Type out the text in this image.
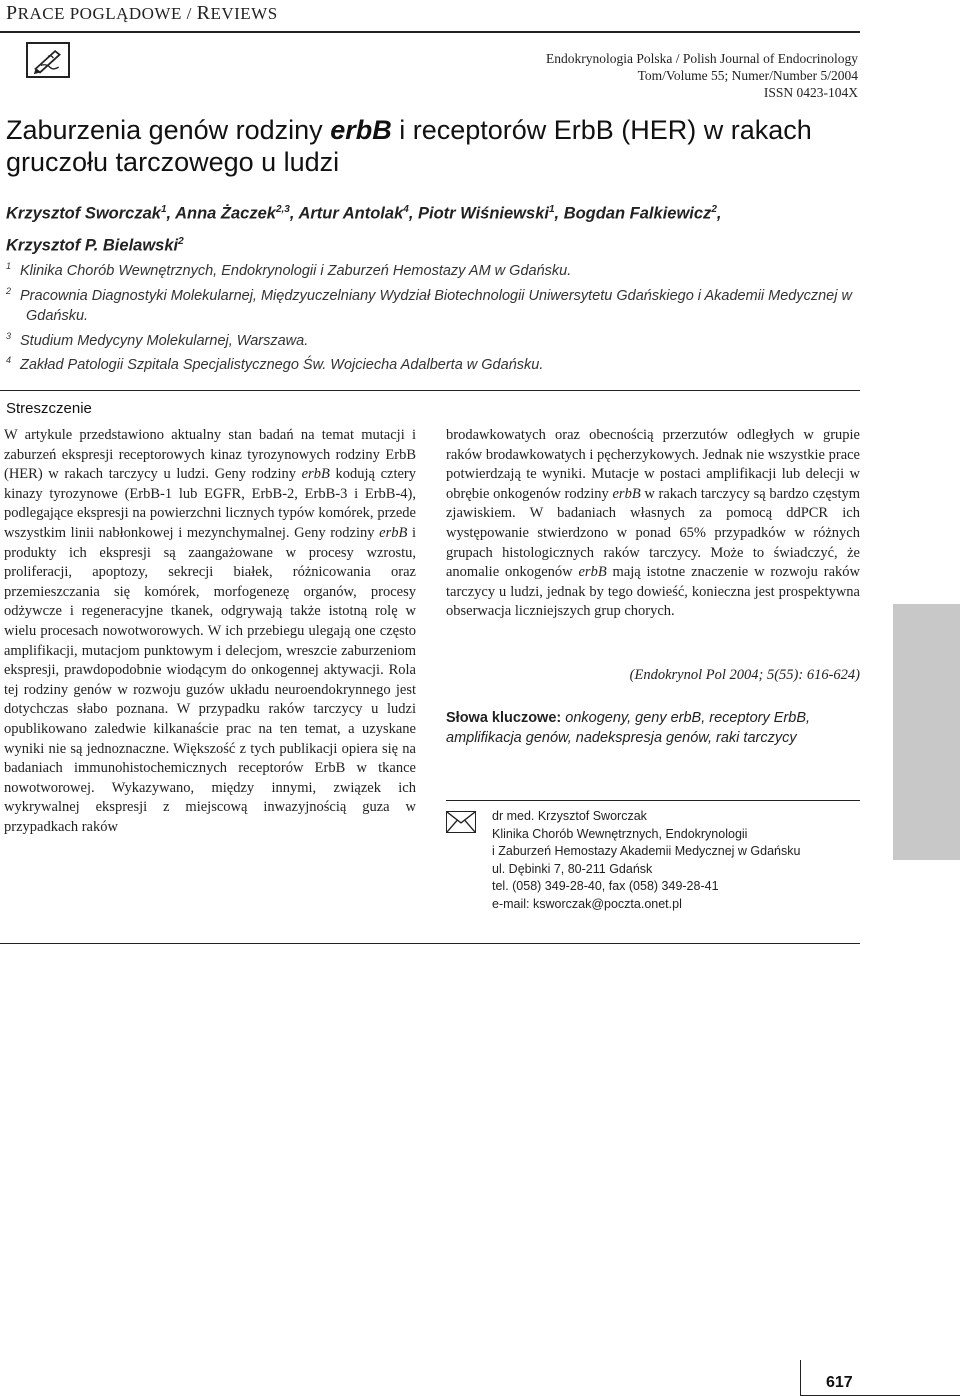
PRACE POGLĄDOWE / REVIEWS
Endokrynologia Polska / Polish Journal of Endocrinology
Tom/Volume 55; Numer/Number 5/2004
ISSN 0423-104X
Zaburzenia genów rodziny erbB i receptorów ErbB (HER) w rakach gruczołu tarczowego u ludzi
Krzysztof Sworczak$^1$, Anna Żaczek$^{2,3}$, Artur Antolak$^4$, Piotr Wiśniewski$^1$, Bogdan Falkiewicz$^2$,
Krzysztof P. Bielawski$^2$

$^1$ Klinika Chorób Wewnętrznych, Endokrynologii i Zaburzeń Hemostazy AM w Gdańsku.

$^2$ Pracownia Diagnostyki Molekularnej, Międzyuczelniany Wydział Biotechnologii Uniwersytetu Gdańskiego i Akademii Medycznej w Gdańsku.

$^3$ Studium Medycyny Molekularnej, Warszawa.

$^4$ Zakład Patologii Szpitala Specjalistycznego Św. Wojciecha Adalberta w Gdańsku.

Streszczenie
W artykule przedstawiono aktualny stan badań na temat mutacji i zaburzeń ekspresji receptorowych kinaz tyrozynowych rodziny ErbB (HER) w rakach tarczycy u ludzi. Geny rodziny erbB kodują cztery kinazy tyrozynowe (ErbB-1 lub EGFR, ErbB-2, ErbB-3 i ErbB-4), podlegające ekspresji na powierzchni licznych typów komórek, przede wszystkim linii nabłonkowej i mezynchymalnej. Geny rodziny erbB i produkty ich ekspresji są zaangażowane w procesy wzrostu, proliferacji, apoptozy, sekrecji białek, różnicowania oraz przemieszczania się komórek, morfogenezę organów, procesy odżywcze i regeneracyjne tkanek, odgrywają także istotną rolę w wielu procesach nowotworowych. W ich przebiegu ulegają one często amplifikacji, mutacjom punktowym i delecjom, wreszcie zaburzeniom ekspresji, prawdopodobnie wiodącym do onkogennej aktywacji. Rola tej rodziny genów w rozwoju guzów układu neuroendokrynnego jest dotychczas słabo poznana. W przypadku raków tarczycy u ludzi opublikowano zaledwie kilkanaście prac na ten temat, a uzyskane wyniki nie są jednoznaczne. Większość z tych publikacji opiera się na badaniach immunohistochemicznych receptorów ErbB w tkance nowotworowej. Wykazywano, między innymi, związek ich wykrywalnej ekspresji z miejscową inwazyjnością guza w przypadkach raków
brodawkowatych oraz obecnością przerzutów odległych w grupie raków brodawkowatych i pęcherzykowych. Jednak nie wszystkie prace potwierdzają te wyniki. Mutacje w postaci amplifikacji lub delecji w obrębie onkogenów rodziny erbB w rakach tarczycy są bardzo częstym zjawiskiem. W badaniach własnych za pomocą ddPCR ich występowanie stwierdzono w ponad 65% przypadków w różnych grupach histologicznych raków tarczycy. Może to świadczyć, że anomalie onkogenów erbB mają istotne znaczenie w rozwoju raków tarczycy u ludzi, jednak by tego dowieść, konieczna jest prospektywna obserwacja liczniejszych grup chorych.
(Endokrynol Pol 2004; 5(55): 616-624)
Słowa kluczowe: onkogeny, geny erbB, receptory ErbB, amplifikacja genów, nadekspresja genów, raki tarczycy
dr med. Krzysztof Sworczak
Klinika Chorób Wewnętrznych, Endokrynologii
i Zaburzeń Hemostazy Akademii Medycznej w Gdańsku
ul. Dębinki 7, 80-211 Gdańsk
tel. (058) 349-28-40, fax (058) 349-28-41
e-mail: ksworczak@poczta.onet.pl
617
